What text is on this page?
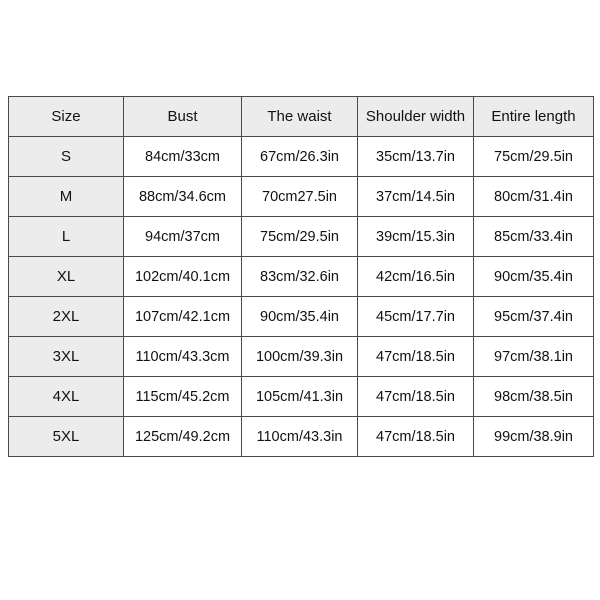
Size	Bust	The waist	Shoulder width	Entire length
S	84cm/33cm	67cm/26.3in	35cm/13.7in	75cm/29.5in
M	88cm/34.6cm	70cm27.5in	37cm/14.5in	80cm/31.4in
L	94cm/37cm	75cm/29.5in	39cm/15.3in	85cm/33.4in
XL	102cm/40.1cm	83cm/32.6in	42cm/16.5in	90cm/35.4in
2XL	107cm/42.1cm	90cm/35.4in	45cm/17.7in	95cm/37.4in
3XL	110cm/43.3cm	100cm/39.3in	47cm/18.5in	97cm/38.1in
4XL	115cm/45.2cm	105cm/41.3in	47cm/18.5in	98cm/38.5in
5XL	125cm/49.2cm	110cm/43.3in	47cm/18.5in	99cm/38.9in
